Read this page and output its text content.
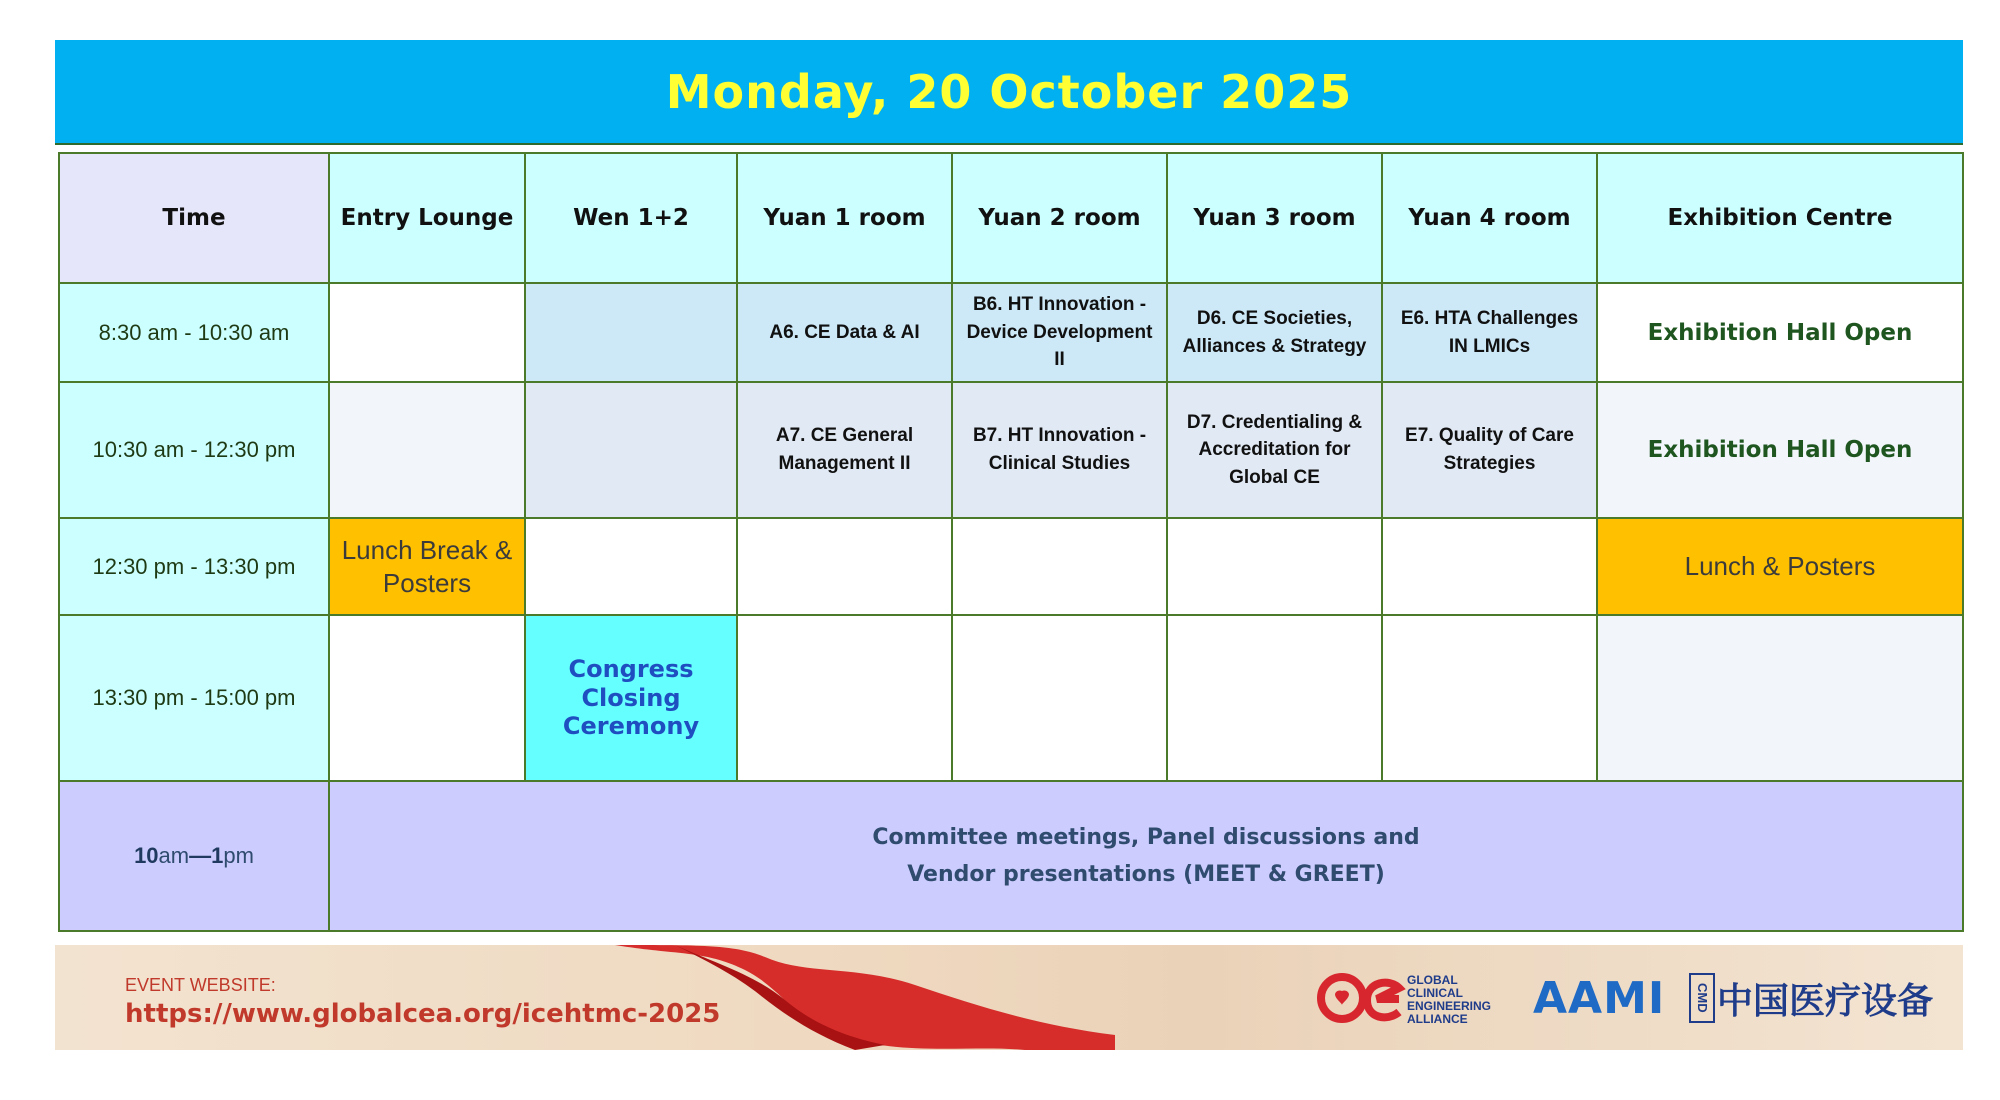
Monday, 20 October 2025
Time	Entry Lounge	Wen 1+2	Yuan 1 room	Yuan 2 room	Yuan 3 room	Yuan 4 room	Exhibition Centre
8:30 am - 10:30 am			A6. CE Data & AI	B6. HT Innovation - Device Development II	D6. CE Societies, Alliances & Strategy	E6. HTA Challenges IN LMICs	Exhibition Hall Open
10:30 am - 12:30 pm			A7. CE General Management II	B7. HT Innovation - Clinical Studies	D7. Credentialing & Accreditation for Global CE	E7. Quality of Care Strategies	Exhibition Hall Open
12:30 pm - 13:30 pm	Lunch Break & Posters						Lunch & Posters
13:30 pm - 15:00 pm		Congress Closing Ceremony					
10am—1pm	Committee meetings, Panel discussions and
Vendor presentations (MEET & GREET)						
EVENT WEBSITE:
https://www.globalcea.org/icehtmc-2025
GLOBAL
CLINICAL
ENGINEERING
ALLIANCE	AAMI	CMD 中国医疗设备
